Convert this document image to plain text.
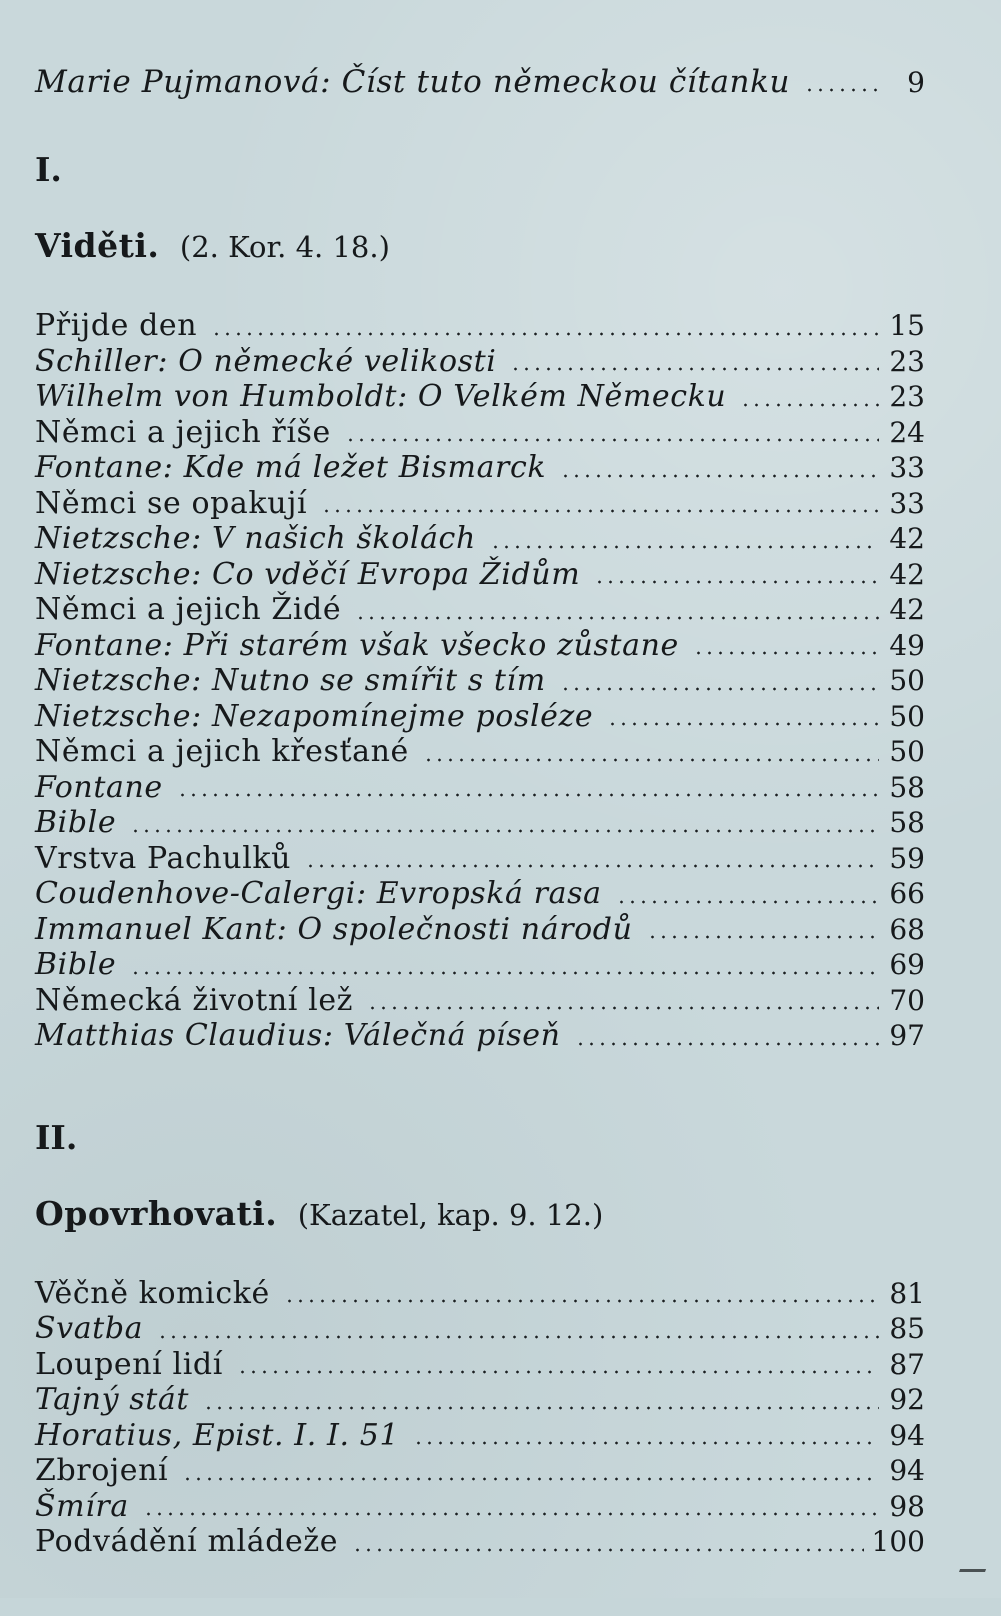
Marie Pujmanová: Číst tuto německou čítanku	9
I.
Viděti. (2. Kor. 4. 18.)
Přijde den	15
Schiller: O německé velikosti	23
Wilhelm von Humboldt: O Velkém Německu	23
Němci a jejich říše	24
Fontane: Kde má ležet Bismarck	33
Němci se opakují	33
Nietzsche: V našich školách	42
Nietzsche: Co vděčí Evropa Židům	42
Němci a jejich Židé	42
Fontane: Při starém však všecko zůstane	49
Nietzsche: Nutno se smířit s tím	50
Nietzsche: Nezapomínejme posléze	50
Němci a jejich křesťané	50
Fontane	58
Bible	58
Vrstva Pachulků	59
Coudenhove-Calergi: Evropská rasa	66
Immanuel Kant: O společnosti národů	68
Bible	69
Německá životní lež	70
Matthias Claudius: Válečná píseň	97
II.
Opovrhovati. (Kazatel, kap. 9. 12.)
Věčně komické	81
Svatba	85
Loupení lidí	87
Tajný stát	92
Horatius, Epist. I. I. 51	94
Zbrojení	94
Šmíra	98
Podvádění mládeže	100
